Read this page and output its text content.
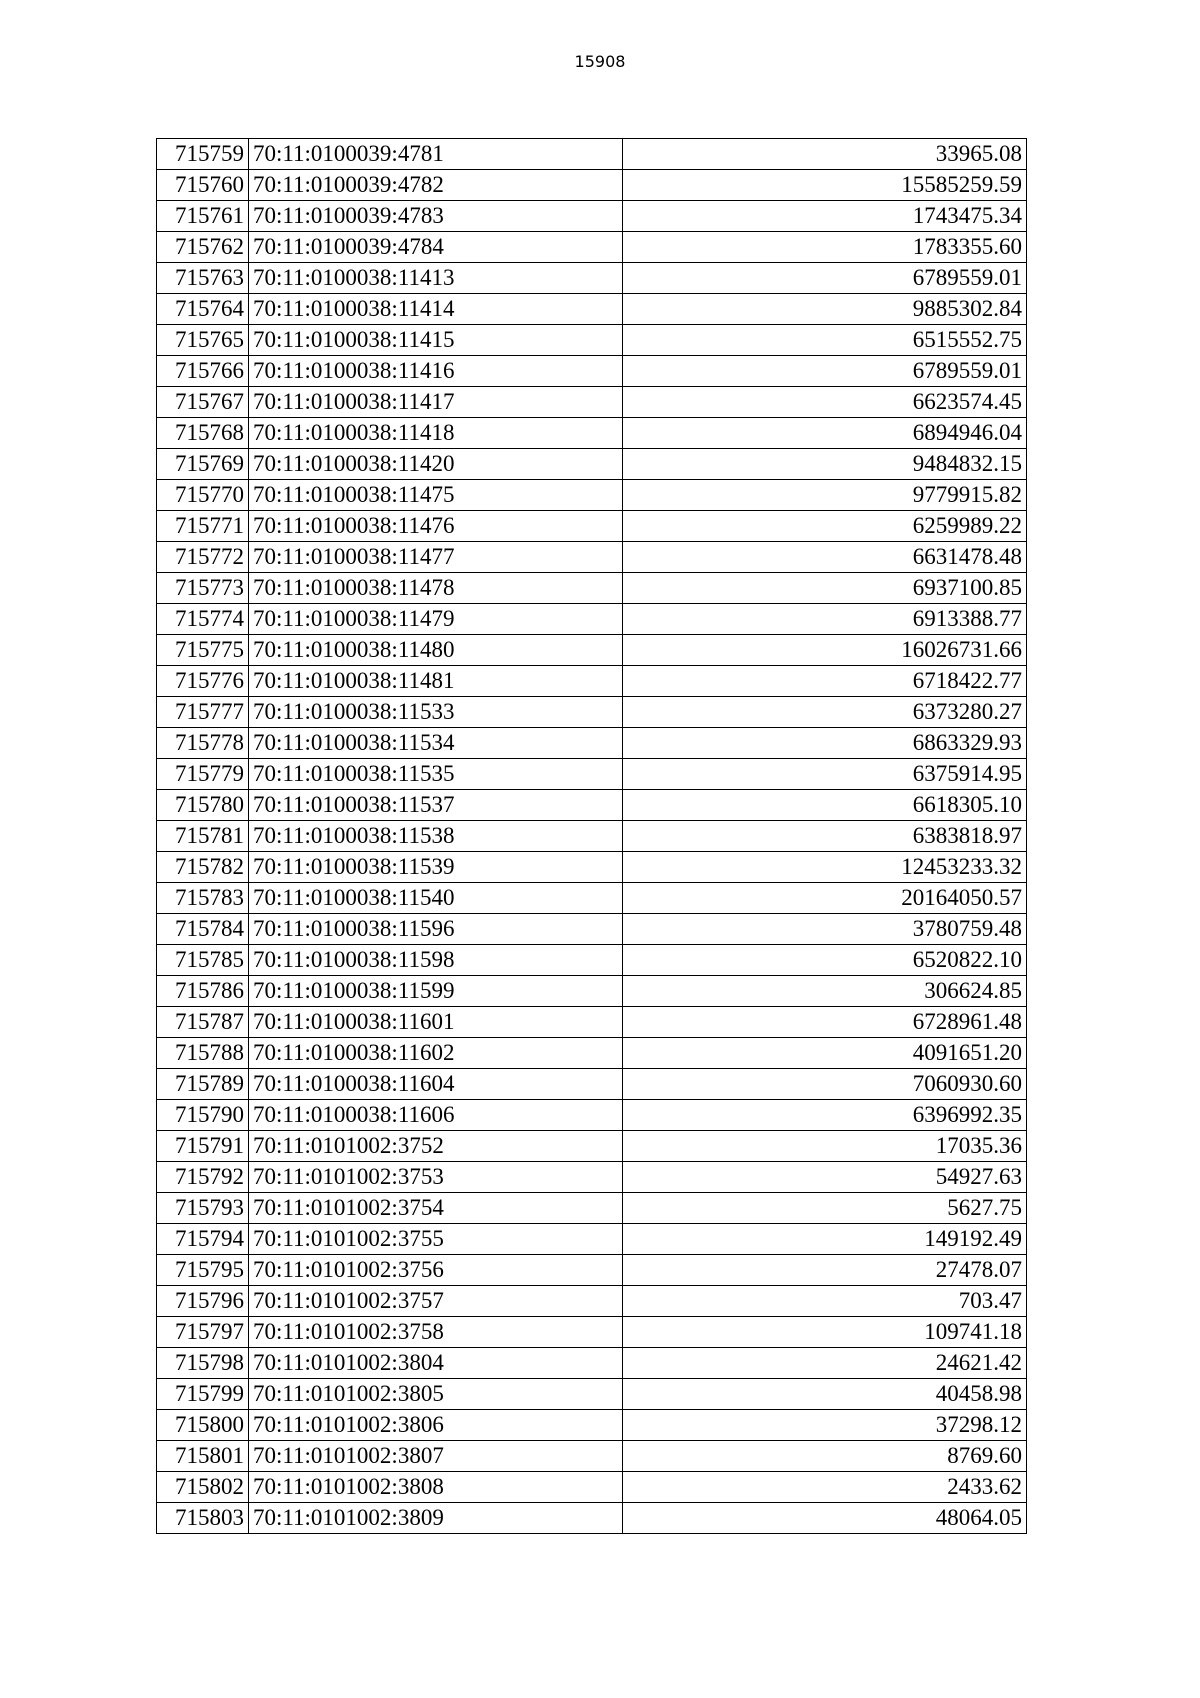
15908
715759	70:11:0100039:4781	33965.08
715760	70:11:0100039:4782	15585259.59
715761	70:11:0100039:4783	1743475.34
715762	70:11:0100039:4784	1783355.60
715763	70:11:0100038:11413	6789559.01
715764	70:11:0100038:11414	9885302.84
715765	70:11:0100038:11415	6515552.75
715766	70:11:0100038:11416	6789559.01
715767	70:11:0100038:11417	6623574.45
715768	70:11:0100038:11418	6894946.04
715769	70:11:0100038:11420	9484832.15
715770	70:11:0100038:11475	9779915.82
715771	70:11:0100038:11476	6259989.22
715772	70:11:0100038:11477	6631478.48
715773	70:11:0100038:11478	6937100.85
715774	70:11:0100038:11479	6913388.77
715775	70:11:0100038:11480	16026731.66
715776	70:11:0100038:11481	6718422.77
715777	70:11:0100038:11533	6373280.27
715778	70:11:0100038:11534	6863329.93
715779	70:11:0100038:11535	6375914.95
715780	70:11:0100038:11537	6618305.10
715781	70:11:0100038:11538	6383818.97
715782	70:11:0100038:11539	12453233.32
715783	70:11:0100038:11540	20164050.57
715784	70:11:0100038:11596	3780759.48
715785	70:11:0100038:11598	6520822.10
715786	70:11:0100038:11599	306624.85
715787	70:11:0100038:11601	6728961.48
715788	70:11:0100038:11602	4091651.20
715789	70:11:0100038:11604	7060930.60
715790	70:11:0100038:11606	6396992.35
715791	70:11:0101002:3752	17035.36
715792	70:11:0101002:3753	54927.63
715793	70:11:0101002:3754	5627.75
715794	70:11:0101002:3755	149192.49
715795	70:11:0101002:3756	27478.07
715796	70:11:0101002:3757	703.47
715797	70:11:0101002:3758	109741.18
715798	70:11:0101002:3804	24621.42
715799	70:11:0101002:3805	40458.98
715800	70:11:0101002:3806	37298.12
715801	70:11:0101002:3807	8769.60
715802	70:11:0101002:3808	2433.62
715803	70:11:0101002:3809	48064.05
